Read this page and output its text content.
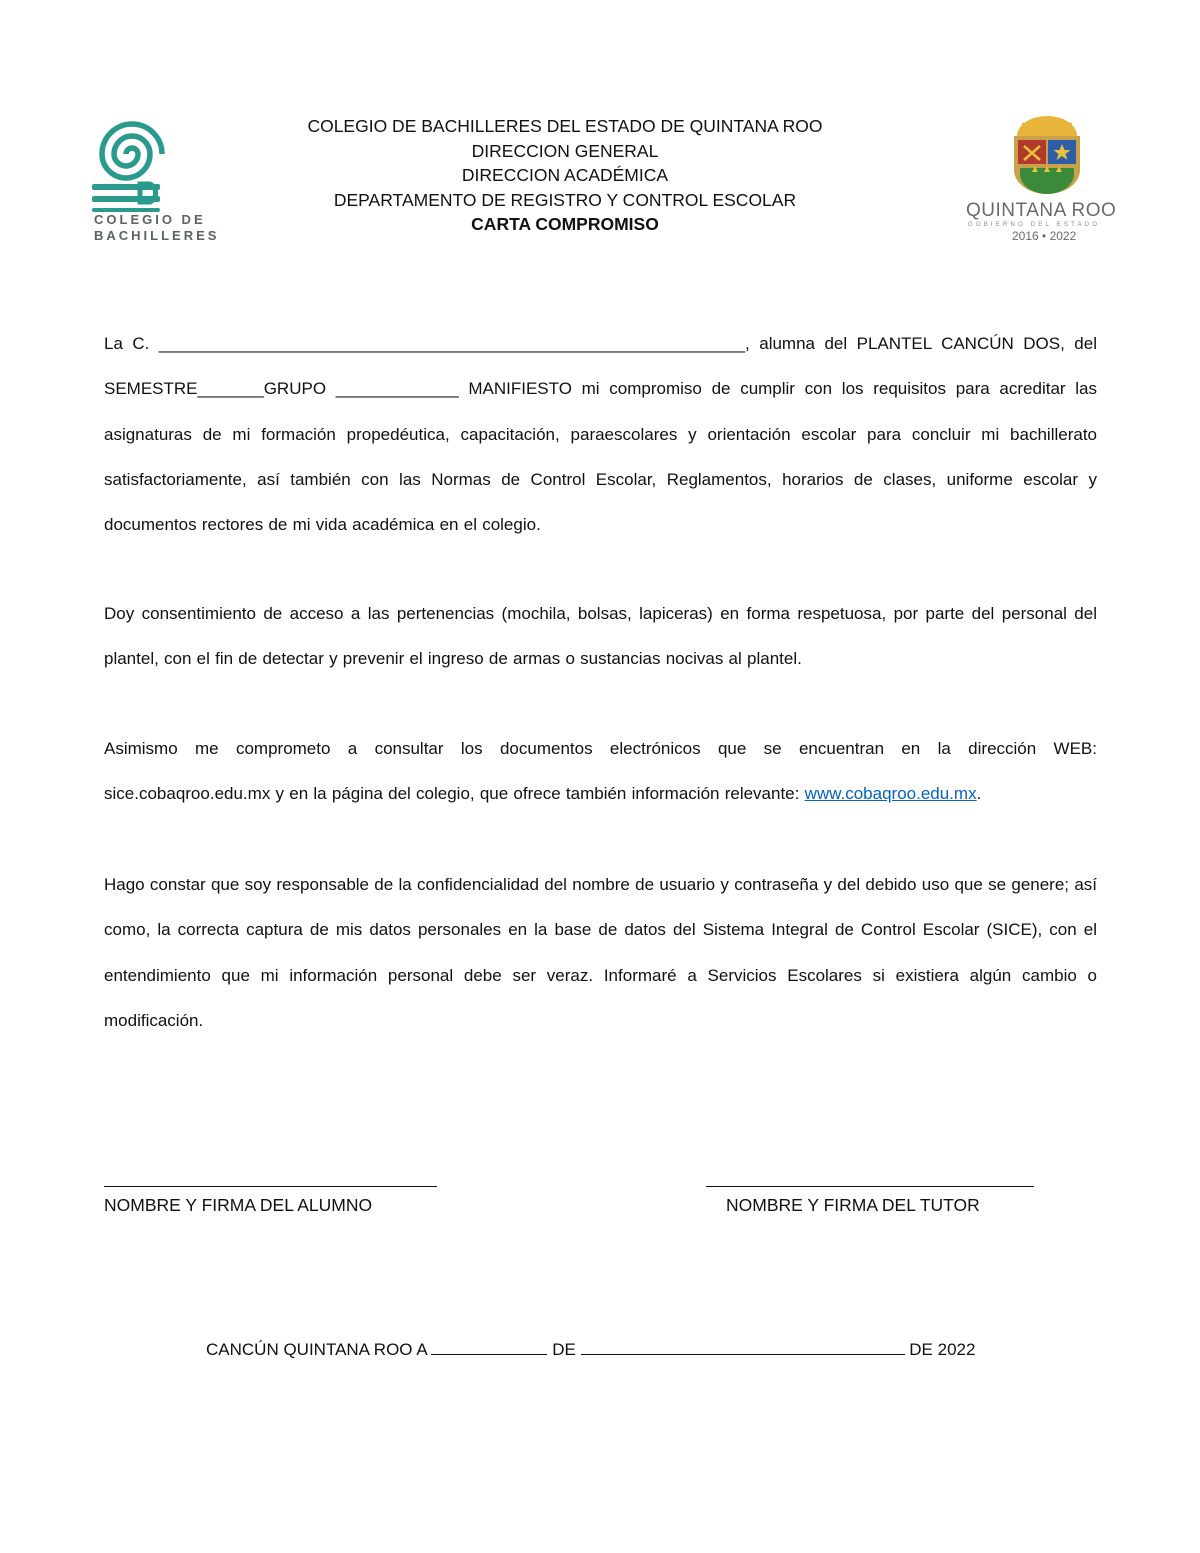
COLEGIO DE
BACHILLERES
COLEGIO DE BACHILLERES DEL ESTADO DE QUINTANA ROO
DIRECCION GENERAL
DIRECCION ACADÉMICA
DEPARTAMENTO DE REGISTRO Y CONTROL ESCOLAR
CARTA COMPROMISO
QUINTANA ROO
GOBIERNO DEL ESTADO
2016 • 2022
La C. ______________________________________________________________, alumna del PLANTEL CANCÚN DOS, del SEMESTRE_______GRUPO _____________ MANIFIESTO mi compromiso de cumplir con los requisitos para acreditar las asignaturas de mi formación propedéutica, capacitación, paraescolares y orientación escolar para concluir mi bachillerato satisfactoriamente, así también con las Normas de Control Escolar, Reglamentos, horarios de clases, uniforme escolar y documentos rectores de mi vida académica en el colegio.
Doy consentimiento de acceso a las pertenencias (mochila, bolsas, lapiceras) en forma respetuosa, por parte del personal del plantel, con el fin de detectar y prevenir el ingreso de armas o sustancias nocivas al plantel.
Asimismo me comprometo a consultar los documentos electrónicos que se encuentran en la dirección WEB: sice.cobaqroo.edu.mx y en la página del colegio, que ofrece también información relevante: www.cobaqroo.edu.mx.
Hago constar que soy responsable de la confidencialidad del nombre de usuario y contraseña y del debido uso que se genere; así como, la correcta captura de mis datos personales en la base de datos del Sistema Integral de Control Escolar (SICE), con el entendimiento que mi información personal debe ser veraz. Informaré a Servicios Escolares si existiera algún cambio o modificación.
NOMBRE Y FIRMA DEL ALUMNO	NOMBRE Y FIRMA DEL TUTOR
CANCÚN QUINTANA ROO A	DE	DE 2022
